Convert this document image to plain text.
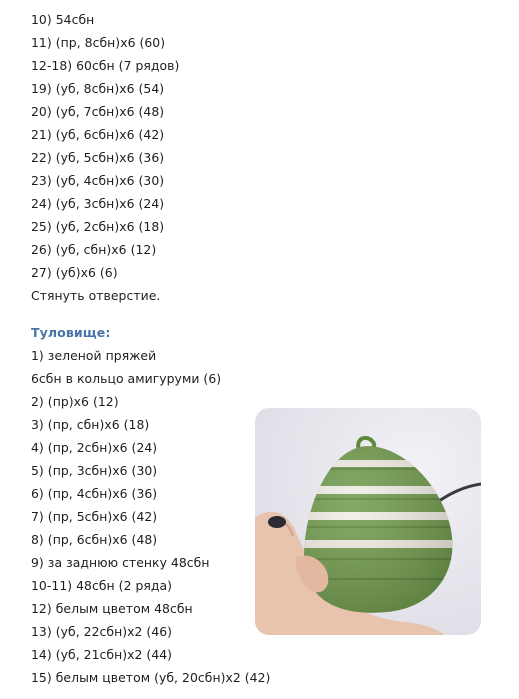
10) 54сбн
11) (пр, 8сбн)х6 (60)
12-18) 60сбн (7 рядов)
19) (уб, 8сбн)х6 (54)
20) (уб, 7сбн)х6 (48)
21) (уб, 6сбн)х6 (42)
22) (уб, 5сбн)х6 (36)
23) (уб, 4сбн)х6 (30)
24) (уб, 3сбн)х6 (24)
25) (уб, 2сбн)х6 (18)
26) (уб, сбн)х6 (12)
27) (уб)х6 (6)
Стянуть отверстие.
Туловище:
1) зеленой пряжей
6сбн в кольцо амигуруми (6)
2) (пр)х6 (12)
3) (пр, сбн)х6 (18)
4) (пр, 2сбн)х6 (24)
5) (пр, 3сбн)х6 (30)
6) (пр, 4сбн)х6 (36)
7) (пр, 5сбн)х6 (42)
8) (пр, 6сбн)х6 (48)
9) за заднюю стенку 48сбн
10-11) 48сбн (2 ряда)
12) белым цветом 48сбн
13) (уб, 22сбн)х2 (46)
14) (уб, 21сбн)х2 (44)
15) белым цветом (уб, 20сбн)х2 (42)
